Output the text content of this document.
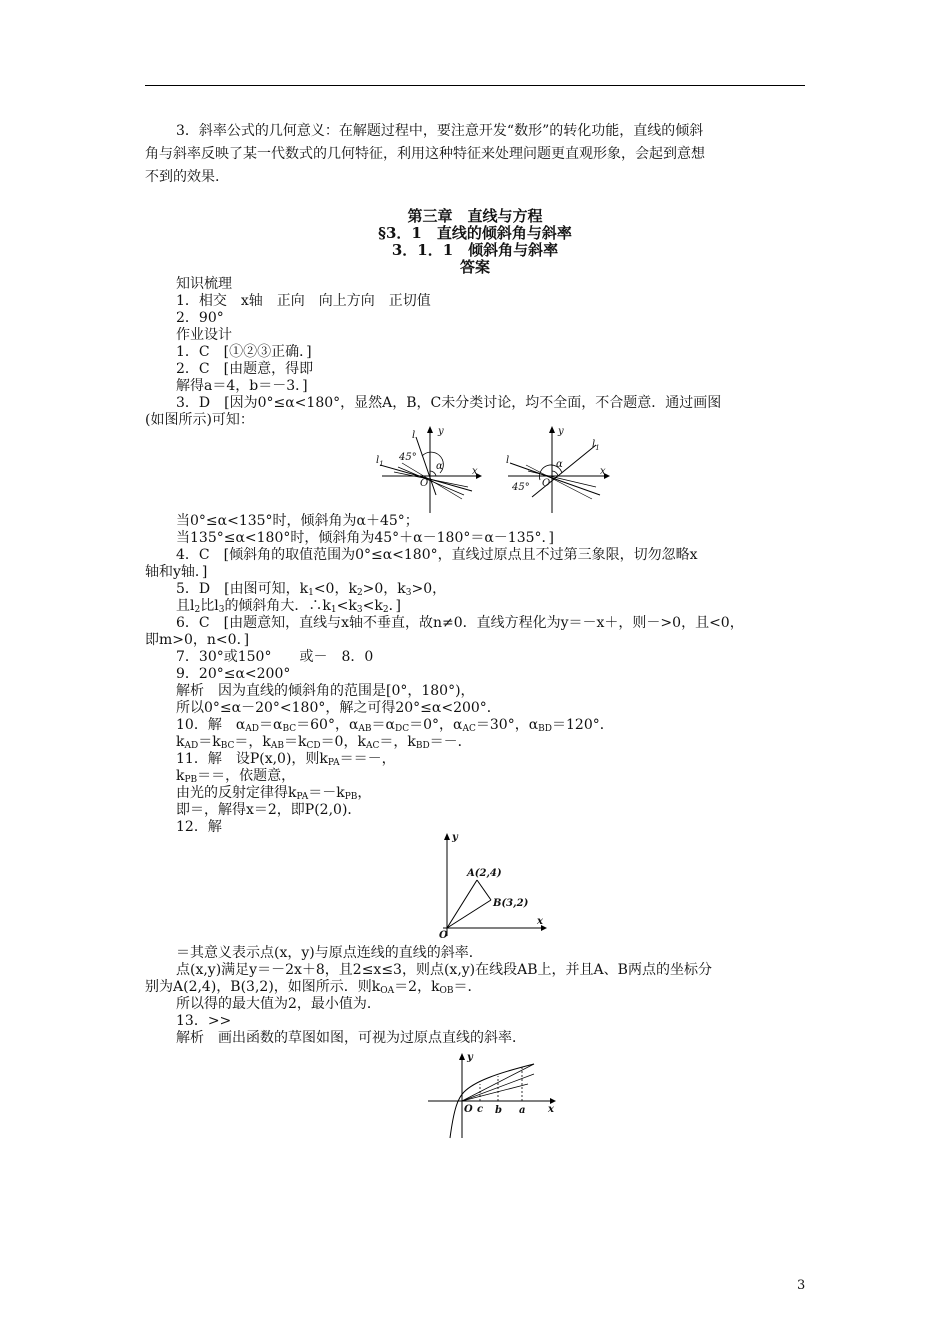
3．斜率公式的几何意义：在解题过程中，要注意开发“数形”的转化功能，直线的倾斜
角与斜率反映了某一代数式的几何特征，利用这种特征来处理问题更直观形象，会起到意想
不到的效果.
第三章　直线与方程
§3．1　直线的倾斜角与斜率
3．1．1　倾斜角与斜率
答案
知识梳理
1．相交　x轴　正向　向上方向　正切值
2．90°
作业设计
1．C　[①②③正确．]
2．C　[由题意，得即
解得a＝4，b＝－3．]
3．D　[因为0°≤α<180°，显然A，B，C未分类讨论，均不全面，不合题意．通过画图
(如图所示)可知：
O
y
x
l
$l_1$
45°
α
O
y
x
l
$l_1$
45°
α
当0°≤α<135°时，倾斜角为α＋45°；
当135°≤α<180°时，倾斜角为45°＋α－180°＝α－135°．]
4．C　[倾斜角的取值范围为0°≤α<180°，直线过原点且不过第三象限，切勿忽略x
轴和y轴．]
5．D　[由图可知，$k_1<0$，$k_2>0$，$k_3>0$，
且$l_2$比$l_3$的倾斜角大．$\therefore k_1<k_3<k_2$．]
6．C　[由题意知，直线与x轴不垂直，故n≠0．直线方程化为y＝－x＋，则－>0，且<0，
即m>0，n<0．]
7．30°或150°　　或－　8．0
9．20°≤α<200°
解析　因为直线的倾斜角的范围是[0°，180°)，
所以0°≤α－20°<180°，解之可得20°≤α<200°．
10．解　$\alpha_{AD}=\alpha_{BC}=60^\circ$，$\alpha_{AB}=\alpha_{DC}=0^\circ$，$\alpha_{AC}=30^\circ$，$\alpha_{BD}=120^\circ$．
$k_{AD}=k_{BC}=$，$k_{AB}=k_{CD}=0$，$k_{AC}=$，$k_{BD}=-$．
11．解　设P(x,0)，则$k_{PA}==-$，
$k_{PB}==$，依题意，
由光的反射定律得$k_{PA}=-k_{PB}$，
即＝，解得x＝2，即P(2,0)．
12．解
O
y
x
A(2,4)
B(3,2)
＝其意义表示点(x，y)与原点连线的直线的斜率．
点(x,y)满足y＝－2x＋8，且2≤x≤3，则点(x,y)在线段AB上，并且A、B两点的坐标分
别为A(2,4)，B(3,2)，如图所示．则$k_{OA}=2$，$k_{OB}=$．
所以得的最大值为2，最小值为．
13．>>
解析　画出函数的草图如图，可视为过原点直线的斜率．
O
y
x
c b a
3
